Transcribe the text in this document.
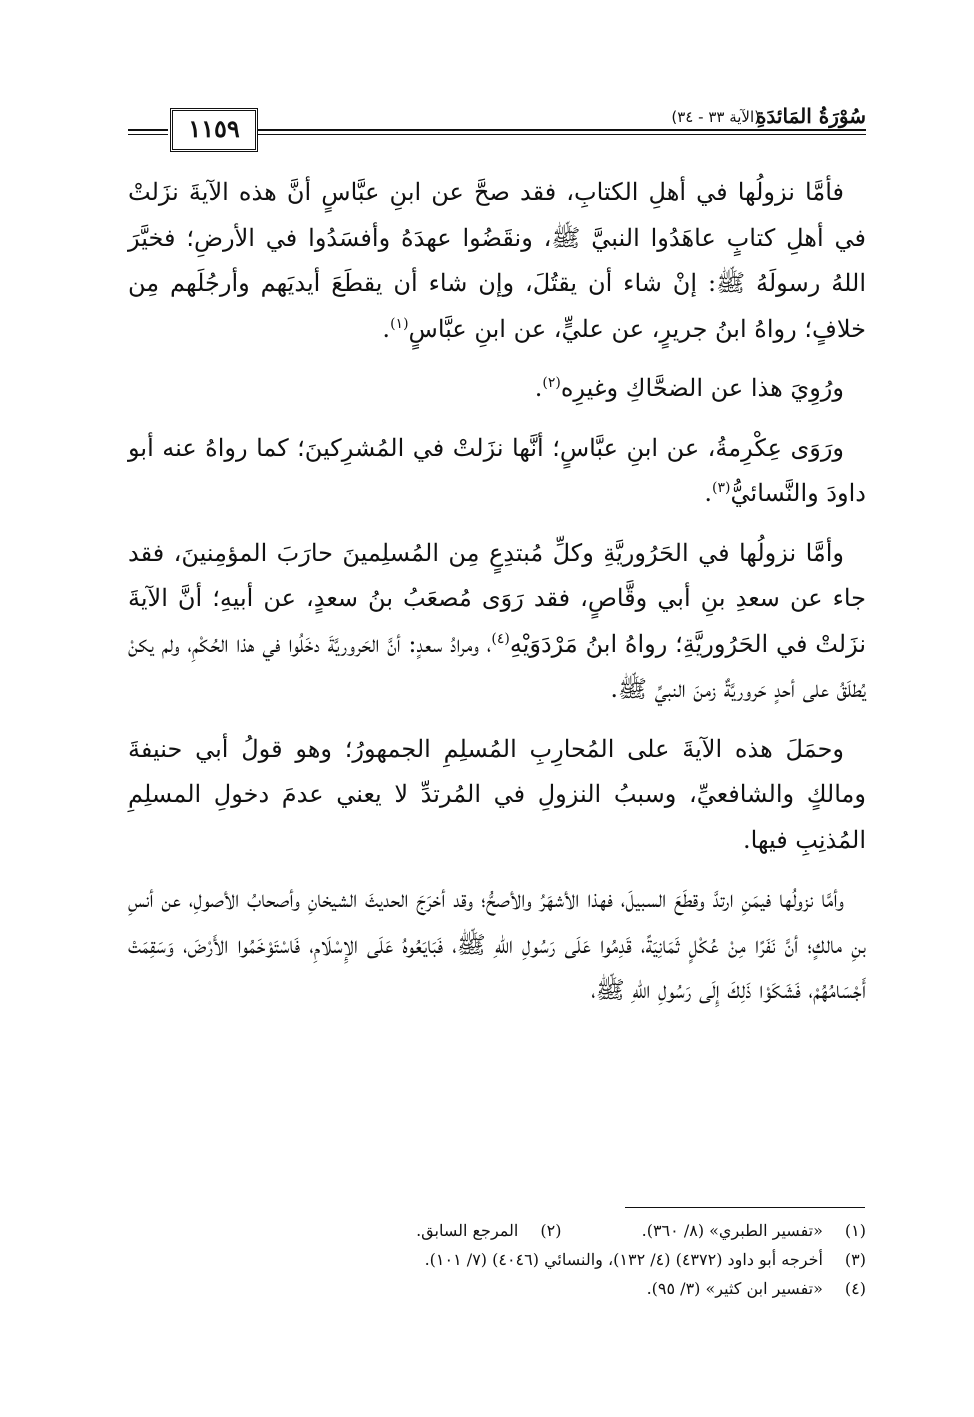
سُوْرَةُ المَائدَةِ
(الآية ٣٣ - ٣٤)
١١٥٩

فأمَّا نزولُها في أهلِ الكتابِ، فقد صحَّ عن ابنِ عبَّاسٍ أنَّ هذه الآيةَ نزَلتْ في أهلِ كتابٍ عاهَدُوا النبيَّ ﷺ، ونقَضُوا عهدَهُ وأفسَدُوا في الأرضِ؛ فخيَّرَ اللهُ رسولَهُ ﷺ: إنْ شاء أن يقتُلَ، وإن شاء أن يقطَعَ أيديَهم وأرجُلَهم مِن خلافٍ؛ رواهُ ابنُ جريرٍ، عن عليٍّ، عن ابنِ عبَّاسٍ$^{(١)}$.

ورُوِيَ هذا عن الضحَّاكِ وغيرِه$^{(٢)}$.

ورَوَى عِكْرِمةُ، عن ابنِ عبَّاسٍ؛ أنَّها نزَلتْ في المُشرِكينَ؛ كما رواهُ عنه أبو داودَ والنَّسائيُّ$^{(٣)}$.

وأمَّا نزولُها في الحَرُوريَّةِ وكلِّ مُبتدِعٍ مِن المُسلِمينَ حارَبَ المؤمِنينَ، فقد جاء عن سعدِ بنِ أبي وقَّاصٍ، فقد رَوَى مُصعَبُ بنُ سعدٍ، عن أبيهِ؛ أنَّ الآيةَ نزَلتْ في الحَرُوريَّةِ؛ رواهُ ابنُ مَرْدَوَيْهِ$^{(٤)}$، ومرادُ سعدٍ: أنَّ الحَروريَّةَ دخَلُوا في هذا الحُكْمِ، ولم يكنْ يُطلَقُ على أحدٍ حَروريَّةٌ زمنَ النبيِّ ﷺ.

وحمَلَ هذه الآيةَ على المُحارِبِ المُسلِمِ الجمهورُ؛ وهو قولُ أبي حنيفةَ ومالكٍ والشافعيِّ، وسببُ النزولِ في المُرتدِّ لا يعني عدمَ دخولِ المسلِمِ المُذنِبِ فيها.

وأمَّا نزولُها فيمَنِ ارتدَّ وقطَعَ السبيلَ، فهذا الأشهَرُ والأصحُّ؛ وقد أخرَجَ الحديثَ الشيخانِ وأصحابُ الأصولِ، عن أنسِ بنِ مالكٍ؛ أنَّ نَفَرًا مِنْ عُكْلٍ ثَمَانِيَةً، قَدِمُوا عَلَى رَسُولِ اللهِ ﷺ، فَبَايَعُوهُ عَلَى الإِسْلَامِ، فَاسْتَوْخَمُوا الأَرْضَ، وَسَقِمَتْ أَجْسَامُهُمْ، فَشَكَوْا ذَلِكَ إِلَى رَسُولِ اللهِ ﷺ،

(١) «تفسير الطبري» (٨/ ٣٦٠).  (٢) المرجع السابق.
(٣) أخرجه أبو داود (٤٣٧٢) (٤/ ١٣٢)، والنسائي (٤٠٤٦) (٧/ ١٠١).
(٤) «تفسير ابن كثير» (٣/ ٩٥).
